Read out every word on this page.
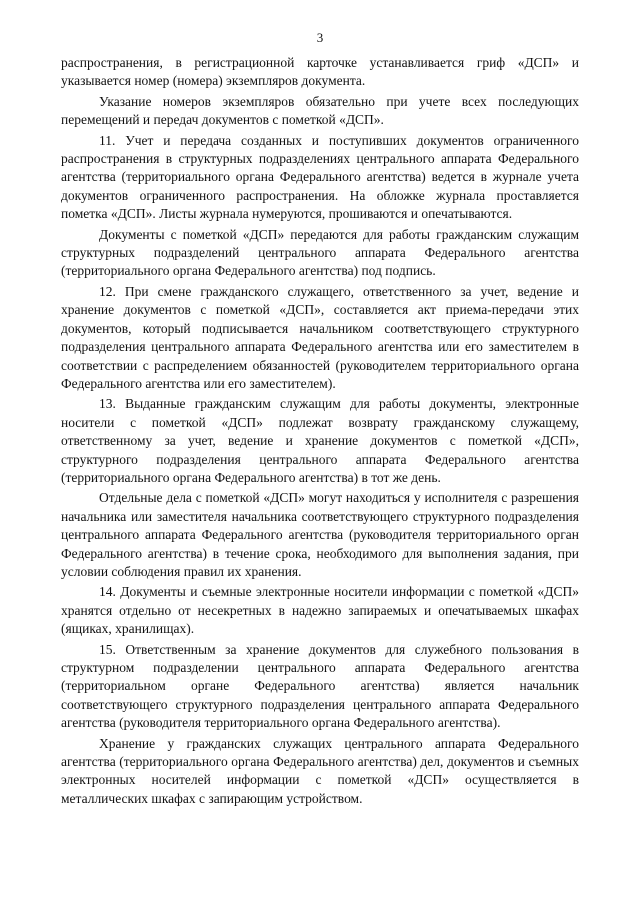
3

распространения, в регистрационной карточке устанавливается гриф «ДСП» и указывается номер (номера) экземпляров документа.

Указание номеров экземпляров обязательно при учете всех последующих перемещений и передач документов с пометкой «ДСП».

11. Учет и передача созданных и поступивших документов ограниченного распространения в структурных подразделениях центрального аппарата Федерального агентства (территориального органа Федерального агентства) ведется в журнале учета документов ограниченного распространения. На обложке журнала проставляется пометка «ДСП». Листы журнала нумеруются, прошиваются и опечатываются.

Документы с пометкой «ДСП» передаются для работы гражданским служащим структурных подразделений центрального аппарата Федерального агентства (территориального органа Федерального агентства) под подпись.

12. При смене гражданского служащего, ответственного за учет, ведение и хранение документов с пометкой «ДСП», составляется акт приема-передачи этих документов, который подписывается начальником соответствующего структурного подразделения центрального аппарата Федерального агентства или его заместителем в соответствии с распределением обязанностей (руководителем территориального органа Федерального агентства или его заместителем).

13. Выданные гражданским служащим для работы документы, электронные носители с пометкой «ДСП» подлежат возврату гражданскому служащему, ответственному за учет, ведение и хранение документов с пометкой «ДСП», структурного подразделения центрального аппарата Федерального агентства (территориального органа Федерального агентства) в тот же день.

Отдельные дела с пометкой «ДСП» могут находиться у исполнителя с разрешения начальника или заместителя начальника соответствующего структурного подразделения центрального аппарата Федерального агентства (руководителя территориального орган Федерального агентства) в течение срока, необходимого для выполнения задания, при условии соблюдения правил их хранения.

14. Документы и съемные электронные носители информации с пометкой «ДСП» хранятся отдельно от несекретных в надежно запираемых и опечатываемых шкафах (ящиках, хранилищах).

15. Ответственным за хранение документов для служебного пользования в структурном подразделении центрального аппарата Федерального агентства (территориальном органе Федерального агентства) является начальник соответствующего структурного подразделения центрального аппарата Федерального агентства (руководителя территориального органа Федерального агентства).

Хранение у гражданских служащих центрального аппарата Федерального агентства (территориального органа Федерального агентства) дел, документов и съемных электронных носителей информации с пометкой «ДСП» осуществляется в металлических шкафах с запирающим устройством.
